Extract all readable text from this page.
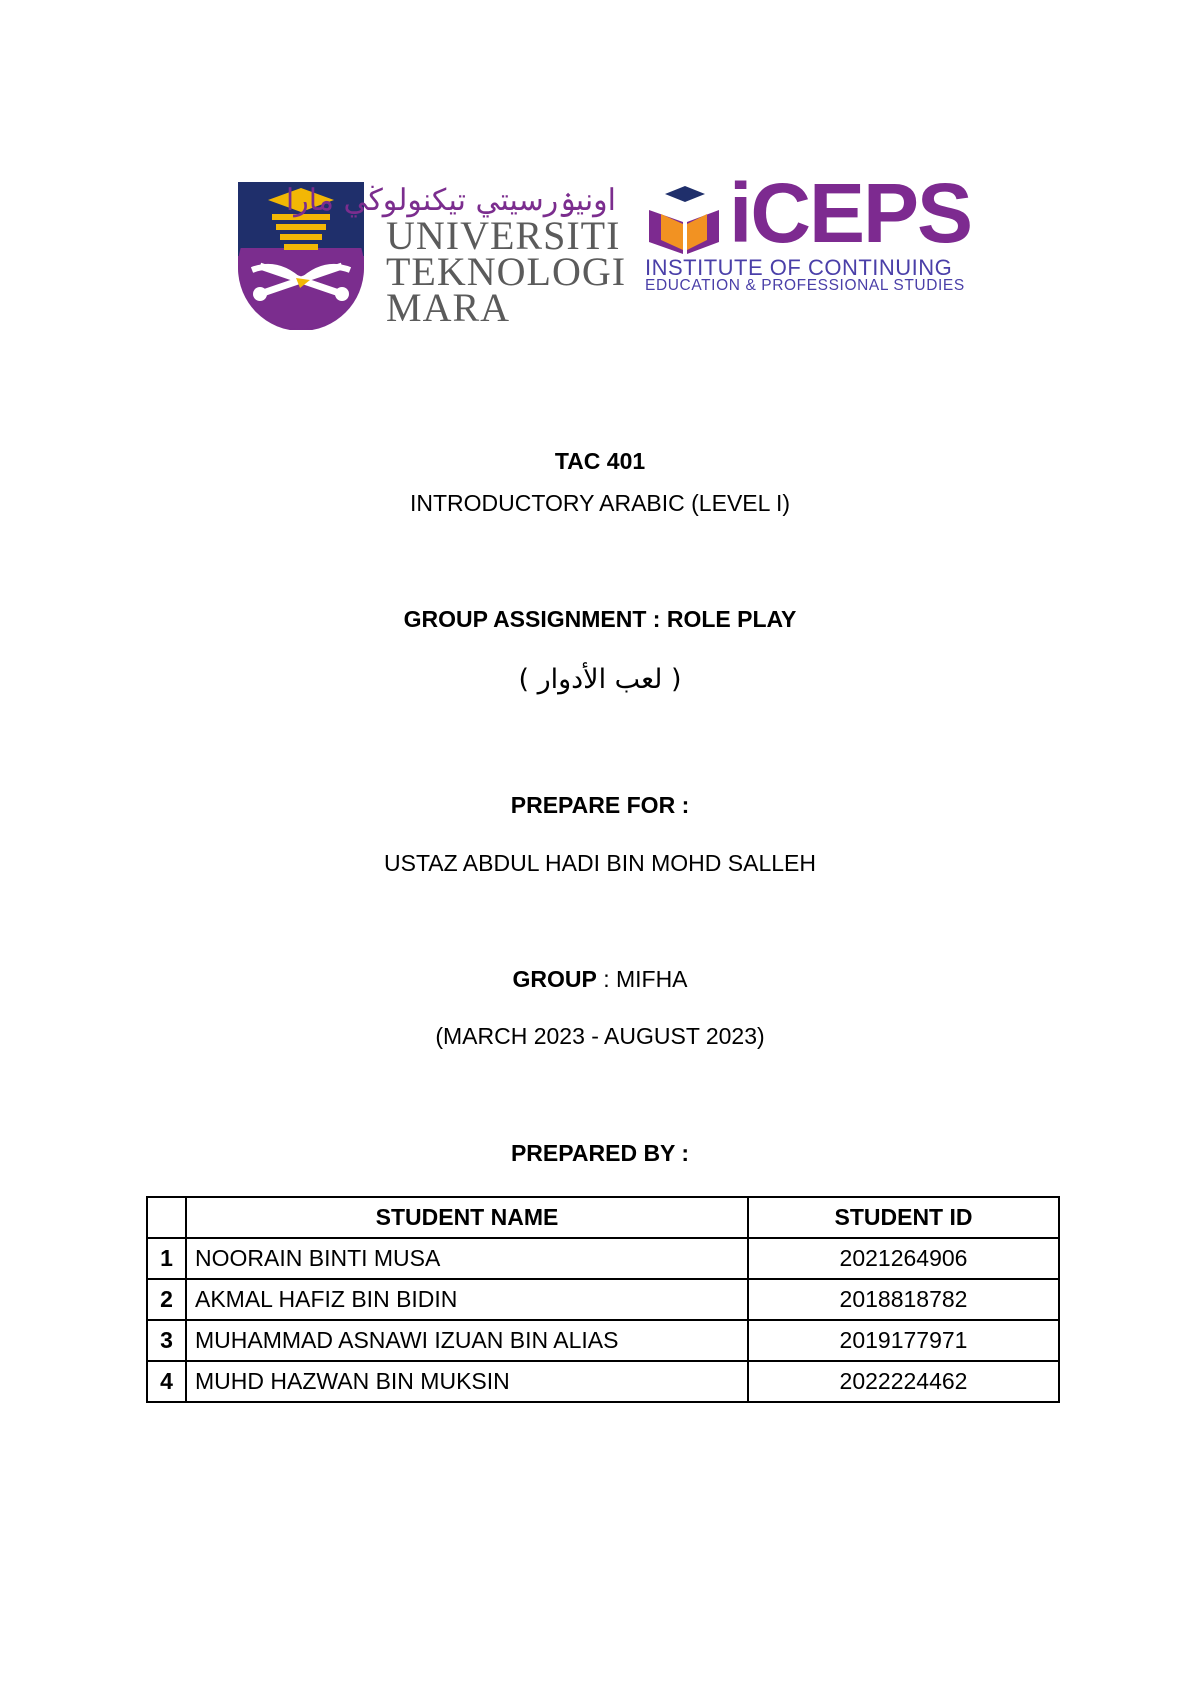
اونيۏرسيتي تيكنولوڬي مارا
UNIVERSITI
TEKNOLOGI
MARA
iCEPS
INSTITUTE OF CONTINUING
EDUCATION & PROFESSIONAL STUDIES
TAC 401
INTRODUCTORY ARABIC (LEVEL I)
GROUP ASSIGNMENT : ROLE PLAY
( لعب الأدوار )
PREPARE FOR :
USTAZ ABDUL HADI BIN MOHD SALLEH
GROUP : MIFHA
(MARCH 2023 - AUGUST 2023)
PREPARED BY :
	STUDENT NAME	STUDENT ID
1	NOORAIN BINTI MUSA	2021264906
2	AKMAL HAFIZ BIN BIDIN	2018818782
3	MUHAMMAD ASNAWI IZUAN BIN ALIAS	2019177971
4	MUHD HAZWAN BIN MUKSIN	2022224462
